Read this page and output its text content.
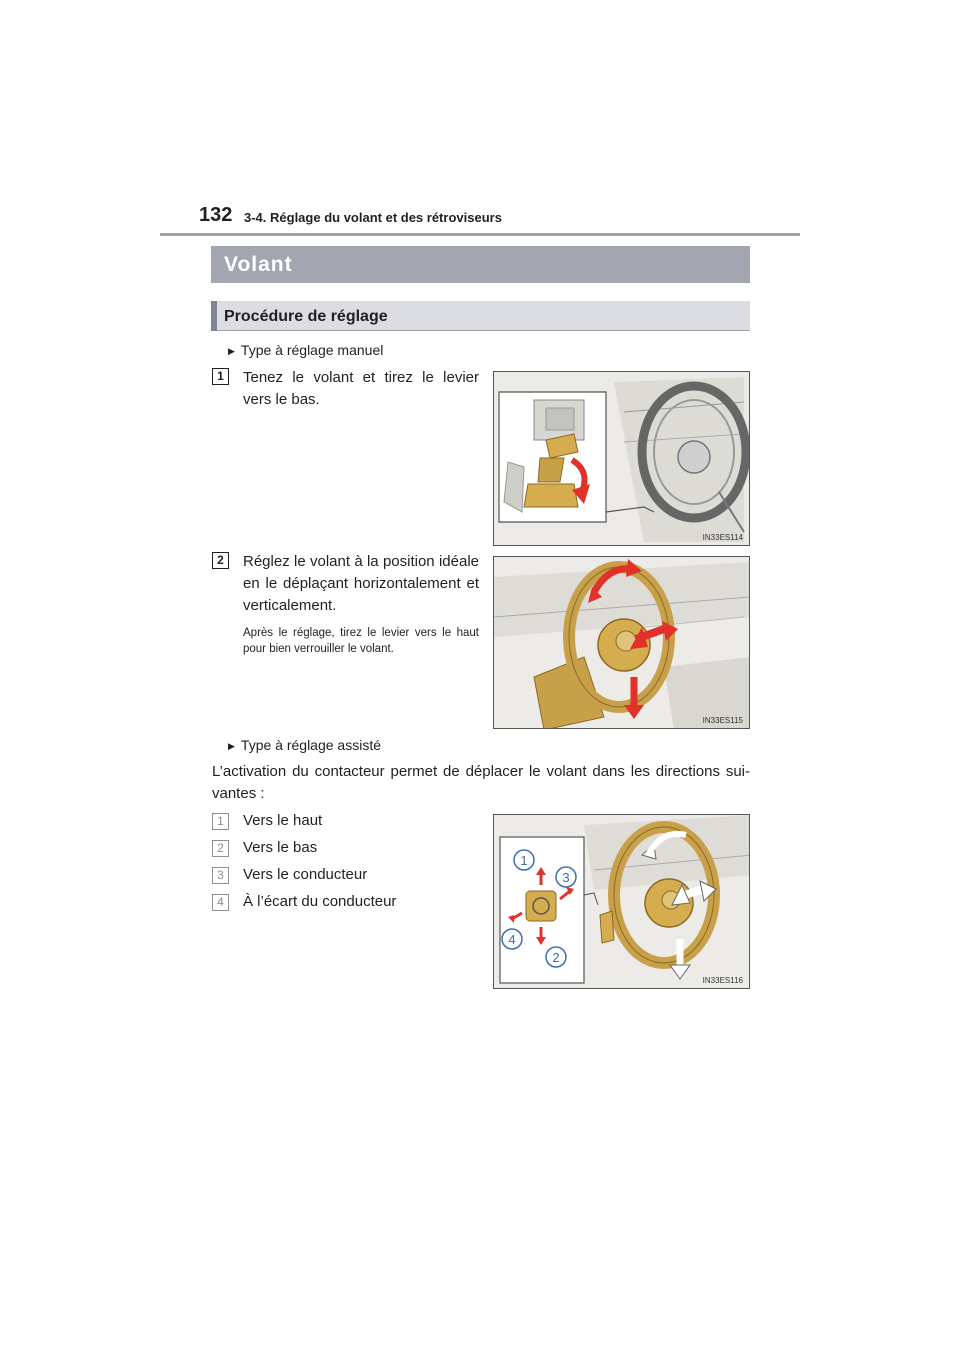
132 3-4. Réglage du volant et des rétroviseurs
Volant
Procédure de réglage
▶ Type à réglage manuel
1	Tenez le volant et tirez le levier vers le bas.
IN33ES114
2	Réglez le volant à la position idéale en le déplaçant horizontalement et verticalement.
Après le réglage, tirez le levier vers le haut pour bien verrouiller le volant.
IN33ES115
▶ Type à réglage assisté
L’activation du contacteur permet de déplacer le volant dans les directions sui-vantes :
1	Vers le haut
2	Vers le bas
3	Vers le conducteur
4	À l’écart du conducteur
1
2
3
4
IN33ES116
